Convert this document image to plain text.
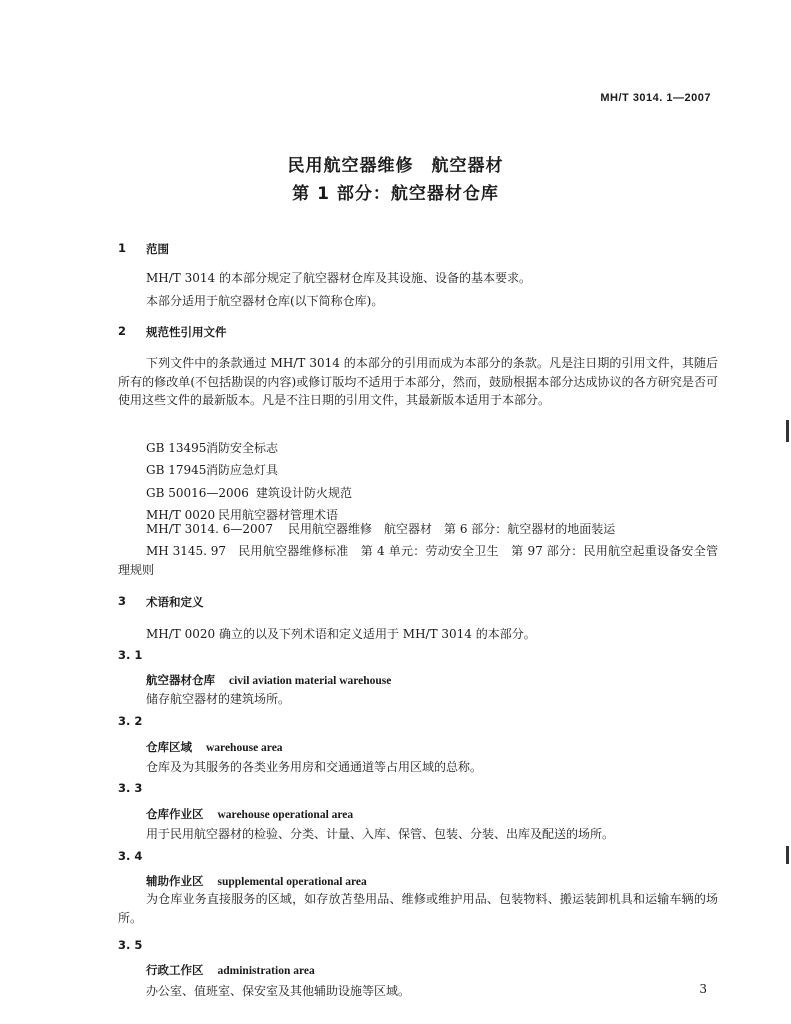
MH/T 3014. 1—2007
民用航空器维修　航空器材
第 1 部分：航空器材仓库
1 范围
MH/T 3014 的本部分规定了航空器材仓库及其设施、设备的基本要求。
本部分适用于航空器材仓库(以下简称仓库)。
2 规范性引用文件
下列文件中的条款通过 MH/T 3014 的本部分的引用而成为本部分的条款。凡是注日期的引用文件，其随后所有的修改单(不包括勘误的内容)或修订版均不适用于本部分，然而，鼓励根据本部分达成协议的各方研究是否可使用这些文件的最新版本。凡是不注日期的引用文件，其最新版本适用于本部分。
GB 13495消防安全标志
GB 17945消防应急灯具
GB 50016—2006 建筑设计防火规范
MH/T 0020 民用航空器材管理术语
MH/T 3014. 6—2007 民用航空器维修　航空器材　第 6 部分：航空器材的地面装运
MH 3145. 97 民用航空器维修标准　第 4 单元：劳动安全卫生　第 97 部分：民用航空起重设备安全管理规则
3 术语和定义
MH/T 0020 确立的以及下列术语和定义适用于 MH/T 3014 的本部分。
3. 1
航空器材仓库 civil aviation material warehouse
储存航空器材的建筑场所。
3. 2
仓库区域 warehouse area
仓库及为其服务的各类业务用房和交通通道等占用区域的总称。
3. 3
仓库作业区 warehouse operational area
用于民用航空器材的检验、分类、计量、入库、保管、包装、分装、出库及配送的场所。
3. 4
辅助作业区 supplemental operational area
为仓库业务直接服务的区域，如存放苫垫用品、维修或维护用品、包装物料、搬运装卸机具和运输车辆的场所。
3. 5
行政工作区 administration area
办公室、值班室、保安室及其他辅助设施等区域。	3
